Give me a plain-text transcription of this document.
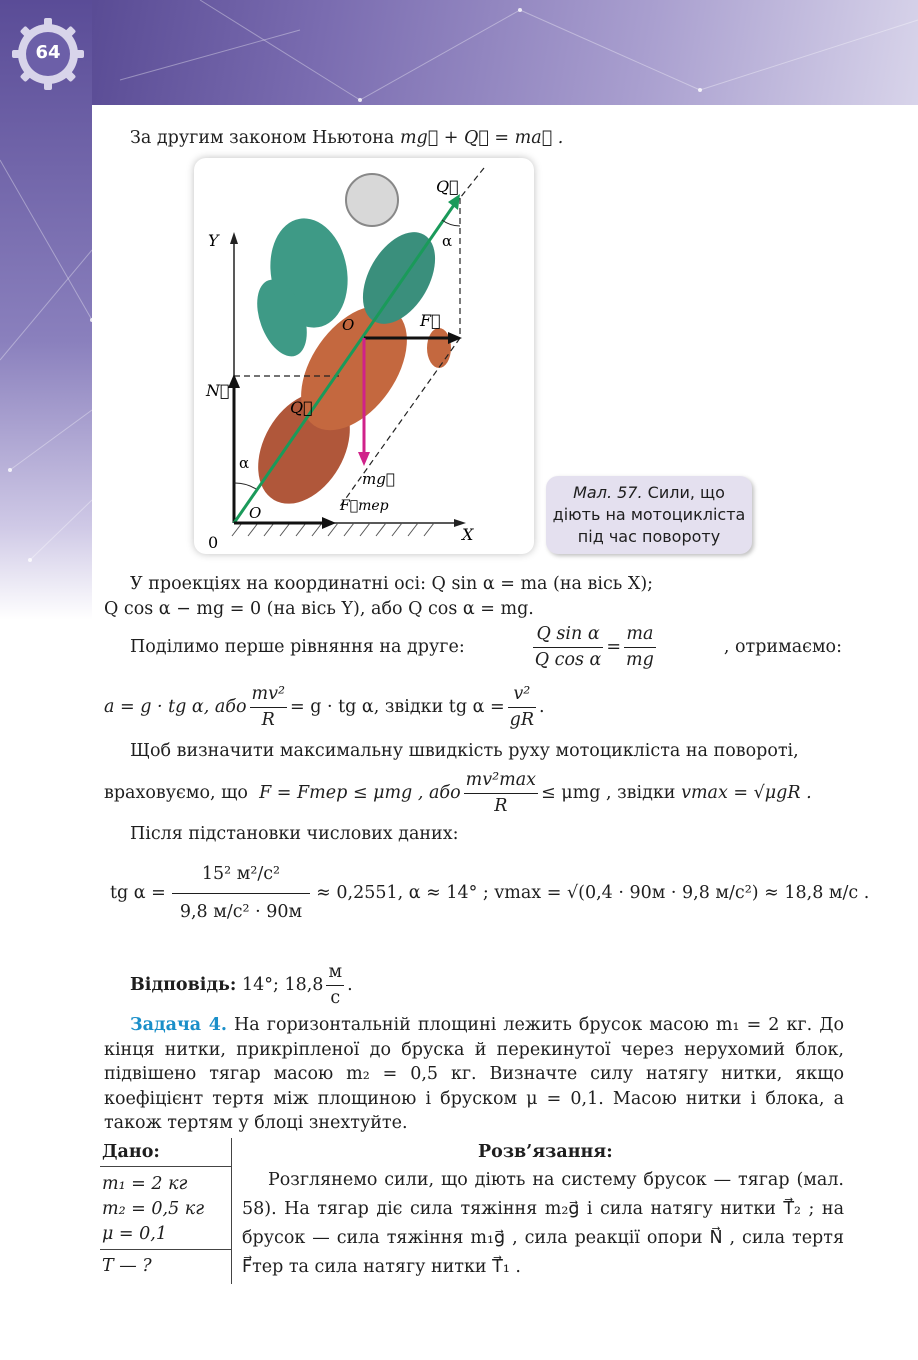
64
За другим законом Ньютона mg⃗ + Q⃗ = ma⃗ .
Y
X
0
Q⃗
Q⃗
α
α
O
O
F⃗
N⃗
mg⃗
F⃗тер
Мал. 57. Сили, що
діють на мотоцикліста
під час повороту
У проекціях на координатні осі: Q sin α = ma (на вісь X);
Q cos α − mg = 0 (на вісь Y), або Q cos α = mg.
Поділимо перше рівняння на друге:	$\frac{\text{Q sin α}}{\text{Q cos α}} = \frac{ma}{mg}$	, отримаємо:
a = g · tg α, або $\frac{\text{mv²}}{R} = g$ · tg α, звідки tg $\alpha = \frac{\text{v²}}{gR}$ .
Щоб визначити максимальну швидкість руху мотоцикліста на повороті,
враховуємо, що
F = Fтер ≤ μmg , або $\frac{\text{mv²max}}{R} \le \mu mg$ , звідки
vmax = √μgR .
Після підстановки числових даних:
tg $\alpha = \frac{\text{15² м²/с²}}{\text{9,8 м/с² · 90м}} \approx 0,2551$, α ≈ 14° ;
vmax = √(0,4 · 90м · 9,8 м/с²) ≈ 18,8 м/с .
Відповідь:
14°; $18,8 \frac{м}{с}$ .
Задача 4. На горизонтальній площині лежить брусок масою m₁ = 2 кг. До кінця нитки, прикріпленої до бруска й перекинутої через нерухомий блок, підвішено тягар масою m₂ = 0,5 кг. Визначте силу натягу нитки, якщо коефіцієнт тертя між площиною і бруском μ = 0,1. Масою нитки і блока, а також тертям у блоці знехтуйте.
Дано:
m₁ = 2 кг
m₂ = 0,5 кг
μ = 0,1
T — ?
Розв’язання:
Розглянемо сили, що діють на систему брусок — тягар (мал. 58). На тягар діє сила тяжіння m₂g⃗ і сила натягу нитки T⃗₂ ; на брусок — сила тяжіння m₁g⃗ , сила реакції опори N⃗ , сила тертя F⃗тер та сила натягу нитки T⃗₁ .
